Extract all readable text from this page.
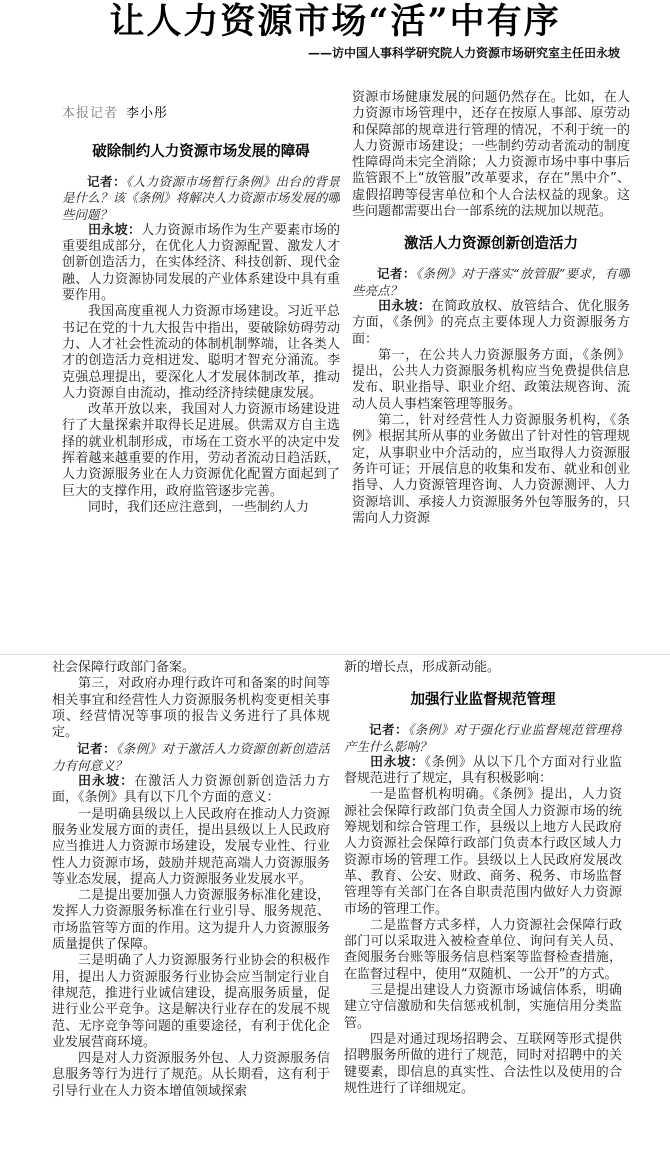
让人力资源市场“活”中有序
——访中国人事科学研究院人力资源市场研究室主任田永坡
本报记者 李小彤
破除制约人力资源市场发展的障碍

记者：《人力资源市场暂行条例》出台的背景是什么？该《条例》将解决人力资源市场发展的哪些问题？

田永坡：人力资源市场作为生产要素市场的重要组成部分，在优化人力资源配置、激发人才创新创造活力，在实体经济、科技创新、现代金融、人力资源协同发展的产业体系建设中具有重要作用。

我国高度重视人力资源市场建设。习近平总书记在党的十九大报告中指出，要破除妨碍劳动力、人才社会性流动的体制机制弊端，让各类人才的创造活力竞相迸发、聪明才智充分涌流。李克强总理提出，要深化人才发展体制改革，推动人力资源自由流动，推动经济持续健康发展。

改革开放以来，我国对人力资源市场建设进行了大量探索并取得长足进展。供需双方自主选择的就业机制形成，市场在工资水平的决定中发挥着越来越重要的作用，劳动者流动日趋活跃，人力资源服务业在人力资源优化配置方面起到了巨大的支撑作用，政府监管逐步完善。

同时，我们还应注意到，一些制约人力

资源市场健康发展的问题仍然存在。比如，在人力资源市场管理中，还存在按原人事部、原劳动和保障部的规章进行管理的情况，不利于统一的人力资源市场建设；一些制约劳动者流动的制度性障碍尚未完全消除；人力资源市场中事中事后监管跟不上“放管服”改革要求，存在“黑中介”、虚假招聘等侵害单位和个人合法权益的现象。这些问题都需要出台一部系统的法规加以规范。

激活人力资源创新创造活力

记者：《条例》对于落实“放管服”要求，有哪些亮点？

田永坡：在简政放权、放管结合、优化服务方面，《条例》的亮点主要体现人力资源服务方面：

第一，在公共人力资源服务方面，《条例》提出，公共人力资源服务机构应当免费提供信息发布、职业指导、职业介绍、政策法规咨询、流动人员人事档案管理等服务。

第二，针对经营性人力资源服务机构，《条例》根据其所从事的业务做出了针对性的管理规定，从事职业中介活动的，应当取得人力资源服务许可证；开展信息的收集和发布、就业和创业指导、人力资源管理咨询、人力资源测评、人力资源培训、承接人力资源服务外包等服务的，只需向人力资源

社会保障行政部门备案。

第三，对政府办理行政许可和备案的时间等相关事宜和经营性人力资源服务机构变更相关事项、经营情况等事项的报告义务进行了具体规定。

记者：《条例》对于激活人力资源创新创造活力有何意义？

田永坡：在激活人力资源创新创造活力方面，《条例》具有以下几个方面的意义：

一是明确县级以上人民政府在推动人力资源服务业发展方面的责任，提出县级以上人民政府应当推进人力资源市场建设，发展专业性、行业性人力资源市场，鼓励并规范高端人力资源服务等业态发展，提高人力资源服务业发展水平。

二是提出要加强人力资源服务标准化建设，发挥人力资源服务标准在行业引导、服务规范、市场监管等方面的作用。这为提升人力资源服务质量提供了保障。

三是明确了人力资源服务行业协会的积极作用，提出人力资源服务行业协会应当制定行业自律规范，推进行业诚信建设，提高服务质量，促进行业公平竞争。这是解决行业存在的发展不规范、无序竞争等问题的重要途径，有利于优化企业发展营商环境。

四是对人力资源服务外包、人力资源服务信息服务等行为进行了规范。从长期看，这有利于引导行业在人力资本增值领域探索

新的增长点，形成新动能。

加强行业监督规范管理

记者：《条例》对于强化行业监督规范管理将产生什么影响？

田永坡：《条例》从以下几个方面对行业监督规范进行了规定，具有积极影响：

一是监督机构明确。《条例》提出，人力资源社会保障行政部门负责全国人力资源市场的统筹规划和综合管理工作，县级以上地方人民政府人力资源社会保障行政部门负责本行政区域人力资源市场的管理工作。县级以上人民政府发展改革、教育、公安、财政、商务、税务、市场监督管理等有关部门在各自职责范围内做好人力资源市场的管理工作。

二是监督方式多样，人力资源社会保障行政部门可以采取进入被检查单位、询问有关人员、查阅服务台账等服务信息档案等监督检查措施，在监督过程中，使用“双随机、一公开”的方式。

三是提出建设人力资源市场诚信体系，明确建立守信激励和失信惩戒机制，实施信用分类监管。

四是对通过现场招聘会、互联网等形式提供招聘服务所做的进行了规范，同时对招聘中的关键要素，即信息的真实性、合法性以及使用的合规性进行了详细规定。
